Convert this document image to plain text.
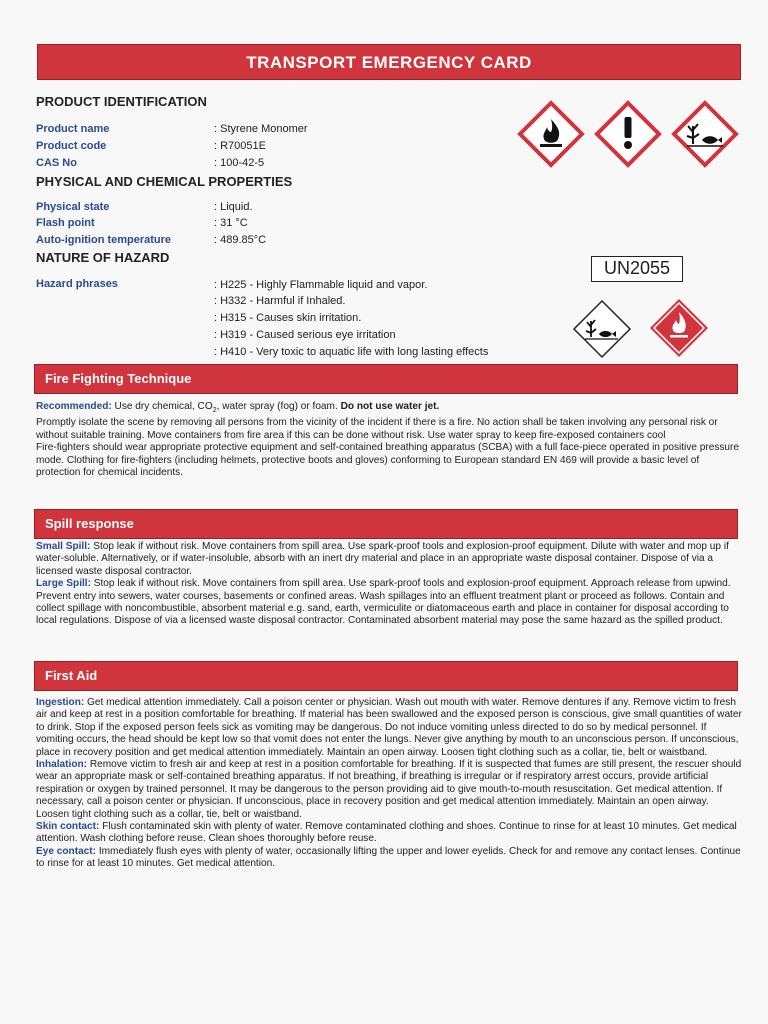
TRANSPORT EMERGENCY CARD
PRODUCT IDENTIFICATION
Product name	: Styrene Monomer
Product code	: R70051E
CAS No	: 100-42-5
PHYSICAL AND CHEMICAL PROPERTIES
Physical state	: Liquid.
Flash point	: 31 °C
Auto-ignition temperature	: 489.85°C
NATURE OF HAZARD
Hazard phrases	: H225 - Highly Flammable liquid and vapor.
: H332 - Harmful if Inhaled.
: H315 - Causes skin irritation.
: H319 - Caused serious eye irritation
: H410 - Very toxic to aquatic life with long lasting effects
UN2055
Fire Fighting Technique

Recommended: Use dry chemical, $CO_2$, water spray (fog) or foam. Do not use water jet.

Promptly isolate the scene by removing all persons from the vicinity of the incident if there is a fire. No action shall be taken involving any personal risk or without suitable training. Move containers from fire area if this can be done without risk. Use water spray to keep fire-exposed containers cool

Fire-fighters should wear appropriate protective equipment and self-contained breathing apparatus (SCBA) with a full face-piece operated in positive pressure mode. Clothing for fire-fighters (including helmets, protective boots and gloves) conforming to European standard EN 469 will provide a basic level of protection for chemical incidents.

Spill response

Small Spill: Stop leak if without risk. Move containers from spill area. Use spark-proof tools and explosion-proof equipment. Dilute with water and mop up if water-soluble. Alternatively, or if water-insoluble, absorb with an inert dry material and place in an appropriate waste disposal container. Dispose of via a licensed waste disposal contractor.

Large Spill: Stop leak if without risk. Move containers from spill area. Use spark-proof tools and explosion-proof equipment. Approach release from upwind. Prevent entry into sewers, water courses, basements or confined areas. Wash spillages into an effluent treatment plant or proceed as follows. Contain and collect spillage with noncombustible, absorbent material e.g. sand, earth, vermiculite or diatomaceous earth and place in container for disposal according to local regulations. Dispose of via a licensed waste disposal contractor. Contaminated absorbent material may pose the same hazard as the spilled product.

First Aid

Ingestion: Get medical attention immediately. Call a poison center or physician. Wash out mouth with water. Remove dentures if any. Remove victim to fresh air and keep at rest in a position comfortable for breathing. If material has been swallowed and the exposed person is conscious, give small quantities of water to drink. Stop if the exposed person feels sick as vomiting may be dangerous. Do not induce vomiting unless directed to do so by medical personnel. If vomiting occurs, the head should be kept low so that vomit does not enter the lungs. Never give anything by mouth to an unconscious person. If unconscious, place in recovery position and get medical attention immediately. Maintain an open airway. Loosen tight clothing such as a collar, tie, belt or waistband.

Inhalation: Remove victim to fresh air and keep at rest in a position comfortable for breathing. If it is suspected that fumes are still present, the rescuer should wear an appropriate mask or self-contained breathing apparatus. If not breathing, if breathing is irregular or if respiratory arrest occurs, provide artificial respiration or oxygen by trained personnel. It may be dangerous to the person providing aid to give mouth-to-mouth resuscitation. Get medical attention. If necessary, call a poison center or physician. If unconscious, place in recovery position and get medical attention immediately. Maintain an open airway. Loosen tight clothing such as a collar, tie, belt or waistband.

Skin contact: Flush contaminated skin with plenty of water. Remove contaminated clothing and shoes. Continue to rinse for at least 10 minutes. Get medical attention. Wash clothing before reuse. Clean shoes thoroughly before reuse.

Eye contact: Immediately flush eyes with plenty of water, occasionally lifting the upper and lower eyelids. Check for and remove any contact lenses. Continue to rinse for at least 10 minutes. Get medical attention.
